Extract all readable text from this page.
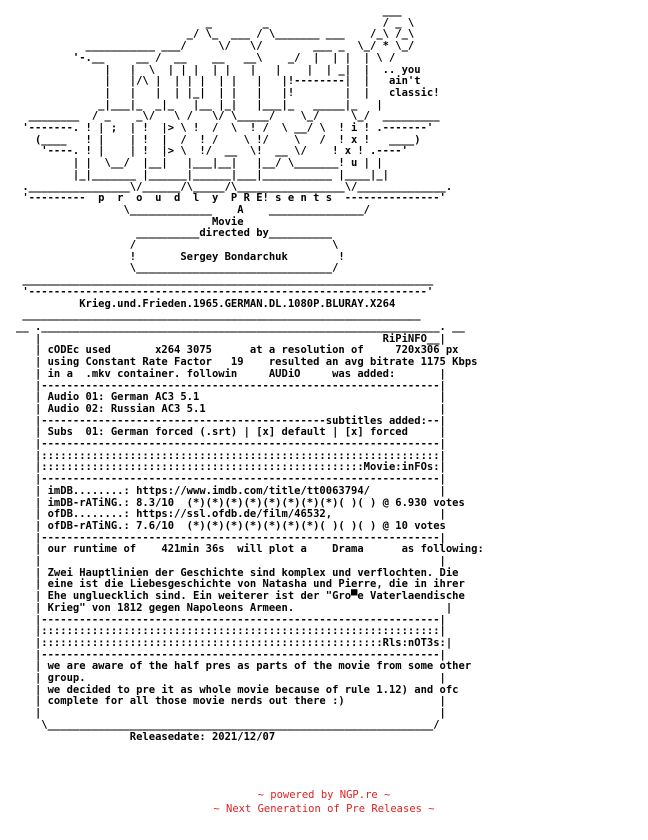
___
_        _                  / _ \
_/ \_  ___ / \_______ ___    /_\ /_\
___________ ___/     \/   \/        ___ _  \_/ * \_/
'-.__     __ /  __    __   __\    _/  |  | |  | \ /
|   |  \  | | |  | |   |   |    |  | _|  |  .. you
|   |/\ |  | | |  | |   |   |!--------|  |   ain't
|   |   |  | |_|  | |   |   |!        |  |   classic!
_|___|_  _|_   |__ |_|   |___|_   _____|_   |
________  / _    _\/   \ /   \/ \_____/    \_/     \_/  _________
'-------. ! | ;  | !  |> \ !  /  \  ! /  \ __/ \  ! i ! .-------'
(____   ! |    | !  |  /  ! /    \ !/    \   /  ! x !   ____)
'----. ! |    | !  |> \  !/  __  \!  __ \/    ! x ! .----'
| |  \__/  |__|   |___|__|   |__/ \_______! u | |
|_|_______ |______|______|___|___________ |____|_|
.________________\/______/\_____/\_________________\/______________.
'---------  p  r  o  u  d  l  y  P R E! s e n t s  ---------------'
\_____________    A    _______________/
Movie
__________directed by__________
/                               \
!       Sergey Bondarchuk        !
\_______________________________/
_________________________________________________________________
'---------------------------------------------------------------'
Krieg.und.Frieden.1965.GERMAN.DL.1080P.BLURAY.X264
_______________________________________________________________
__ ._______________________________________________________________. __
|                                                      RiPiNFO__|
| cODEc used       x264 3075      at a resolution of     720x306 px
| using Constant Rate Factor   19    resulted an avg bitrate 1175 Kbps
| in a  .mkv container. followin     AUDiO     was added:       |
|---------------------------------------------------------------|
| Audio 01: German AC3 5.1                                      |
| Audio 02: Russian AC3 5.1                                     |
|---------------------------------------------subtitles added:--|
| Subs  01: German forced (.srt) | [x] default | [x] forced     |
|---------------------------------------------------------------|
|:::::::::::::::::::::::::::::::::::::::::::::::::::::::::::::::|
|:::::::::::::::::::::::::::::::::::::::::::::::::::Movie:inFOs:|
|---------------------------------------------------------------|
| imDB........: https://www.imdb.com/title/tt0063794/           |
| imDB-rATiNG.: 8.3/10  (*)(*)(*)(*)(*)(*)(*)(*)( )( ) @ 6.930 votes
| ofDB........: https://ssl.ofdb.de/film/46532,                 |
| ofDB-rATiNG.: 7.6/10  (*)(*)(*)(*)(*)(*)(*)( )( )( ) @ 10 votes
|---------------------------------------------------------------|
| our runtime of    421min 36s  will plot a    Drama      as following:
|                                                               |
| Zwei Hauptlinien der Geschichte sind komplex und verflochten. Die
| eine ist die Liebesgeschichte von Natasha und Pierre, die in ihrer
| Ehe ungluecklich sind. Ein weiterer ist der "Gro▀e Vaterlaendische
| Krieg" von 1812 gegen Napoleons Armeen.                        |
|---------------------------------------------------------------|
|:::::::::::::::::::::::::::::::::::::::::::::::::::::::::::::::|
|::::::::::::::::::::::::::::::::::::::::::::::::::::::Rls:nOT3s:|
|---------------------------------------------------------------|
| we are aware of the half pres as parts of the movie from some other
| group.                                                        |
| we decided to pre it as whole movie because of rule 1.12) and ofc
| complete for all those movie nerds out there :)               |
|                                                               |
\_____________________________________________________________/
Releasedate: 2021/12/07
~ powered by NGP.re ~
~ Next Generation of Pre Releases ~
